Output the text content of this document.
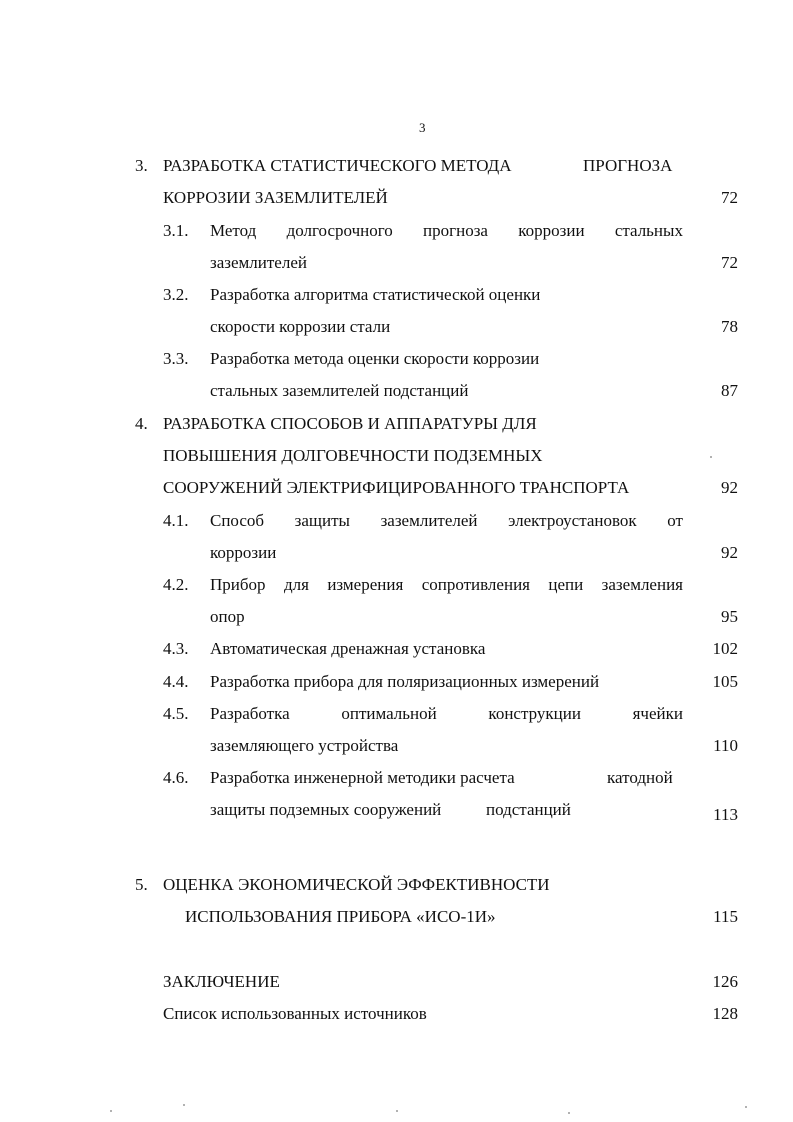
3
3. РАЗРАБОТКА СТАТИСТИЧЕСКОГО МЕТОДА	ПРОГНОЗА
КОРРОЗИИ ЗАЗЕМЛИТЕЛЕЙ	72
3.1. Метод долгосрочного прогноза коррозии стальных
заземлителей	72
3.2. Разработка алгоритма статистической оценки
скорости коррозии стали	78
3.3. Разработка метода оценки скорости коррозии
стальных заземлителей подстанций	87
4. РАЗРАБОТКА СПОСОБОВ И АППАРАТУРЫ ДЛЯ
ПОВЫШЕНИЯ ДОЛГОВЕЧНОСТИ ПОДЗЕМНЫХ
СООРУЖЕНИЙ ЭЛЕКТРИФИЦИРОВАННОГО ТРАНСПОРТА	92
4.1. Способ защиты заземлителей электроустановок от
коррозии	92
4.2. Прибор для измерения сопротивления цепи заземления
опор	95
4.3. Автоматическая дренажная установка	102
4.4. Разработка прибора для поляризационных измерений	105
4.5. Разработка	оптимальной	конструкции	ячейки
заземляющего устройства	110
4.6. Разработка инженерной методики расчета	катодной
защиты подземных сооружений	подстанций	113
5. ОЦЕНКА ЭКОНОМИЧЕСКОЙ ЭФФЕКТИВНОСТИ
ИСПОЛЬЗОВАНИЯ ПРИБОРА «ИСО-1И»	115
ЗАКЛЮЧЕНИЕ	126
Список использованных источников	128
